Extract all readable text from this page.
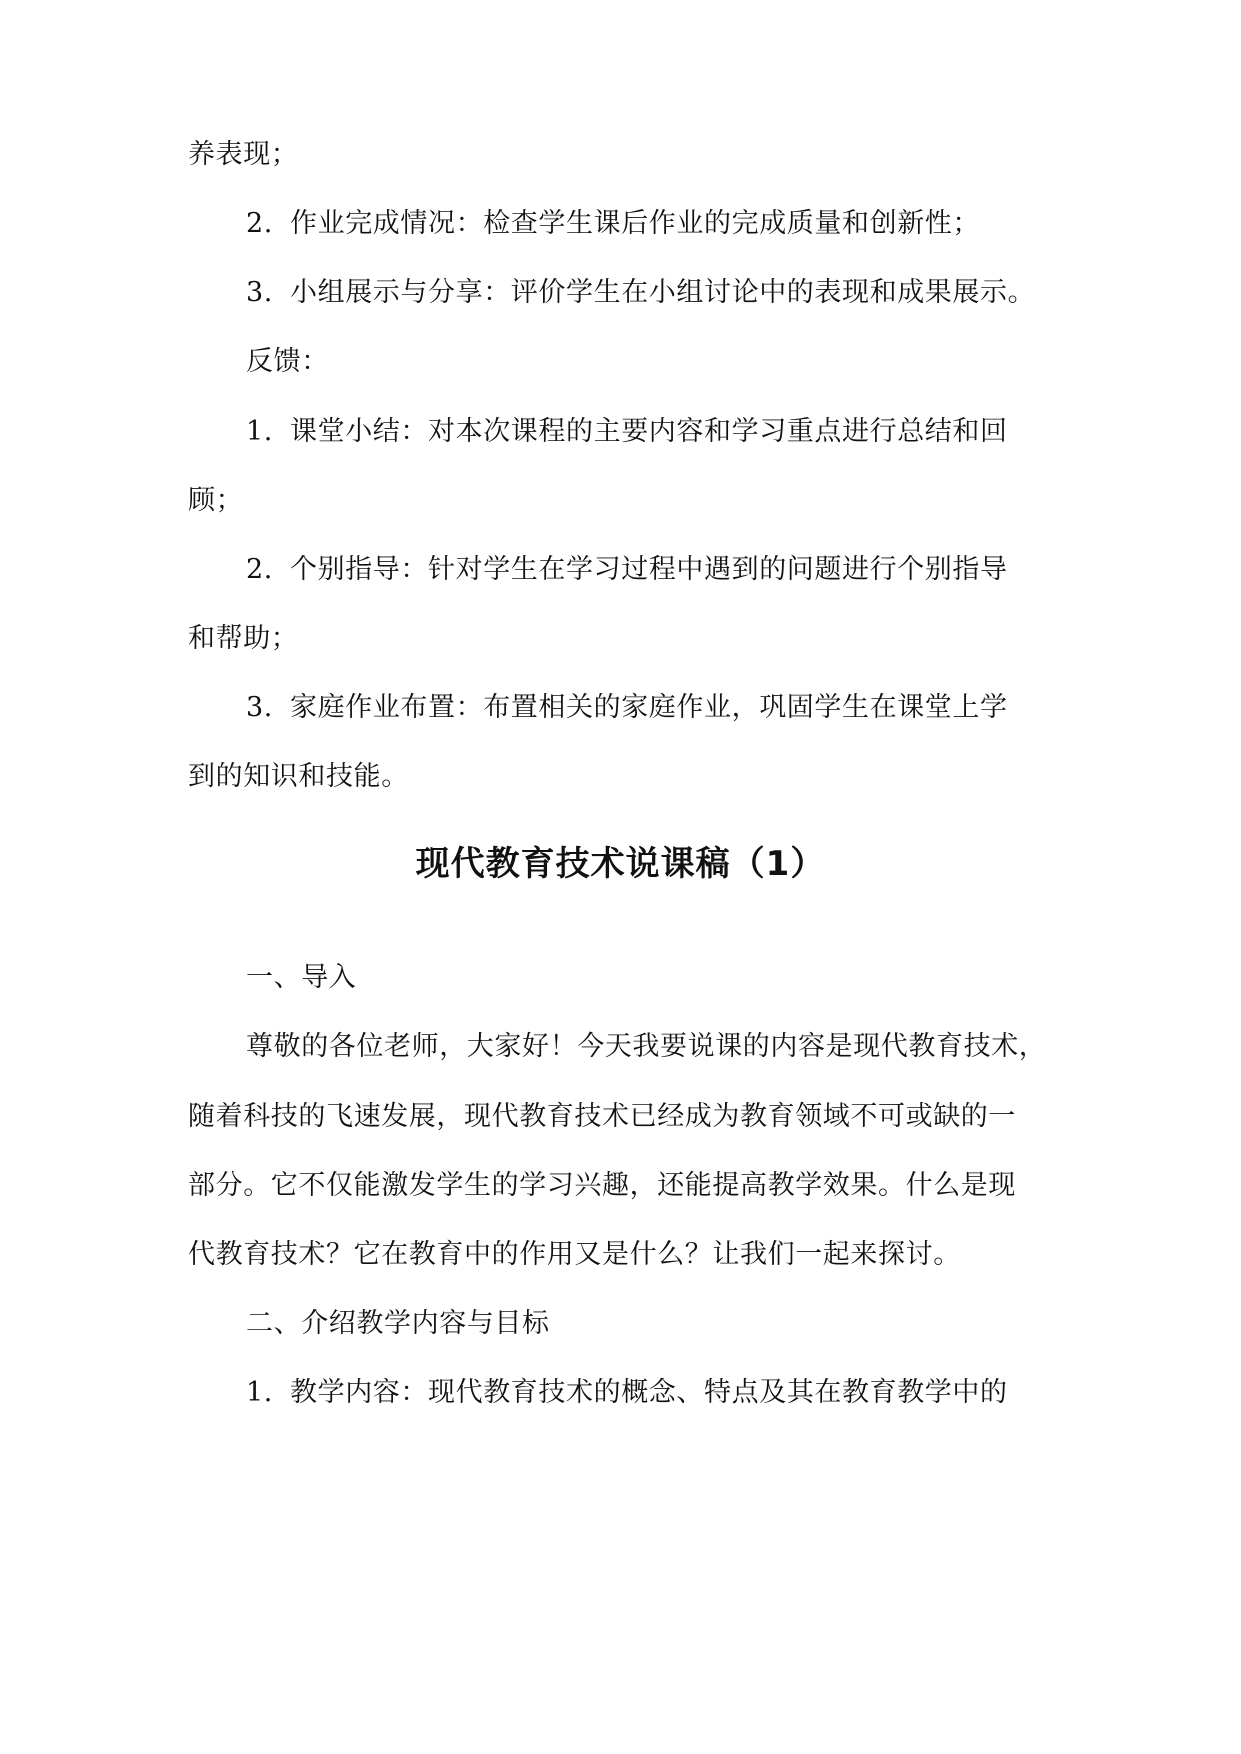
养表现；
2. 作业完成情况：检查学生课后作业的完成质量和创新性；
3. 小组展示与分享：评价学生在小组讨论中的表现和成果展示。
反馈：
1. 课堂小结：对本次课程的主要内容和学习重点进行总结和回
顾；
2. 个别指导：针对学生在学习过程中遇到的问题进行个别指导
和帮助；
3. 家庭作业布置：布置相关的家庭作业，巩固学生在课堂上学
到的知识和技能。
现代教育技术说课稿（1）
一、导入
尊敬的各位老师，大家好！今天我要说课的内容是现代教育技术，
随着科技的飞速发展，现代教育技术已经成为教育领域不可或缺的一
部分。它不仅能激发学生的学习兴趣，还能提高教学效果。什么是现
代教育技术？它在教育中的作用又是什么？让我们一起来探讨。
二、介绍教学内容与目标
1. 教学内容：现代教育技术的概念、特点及其在教育教学中的
